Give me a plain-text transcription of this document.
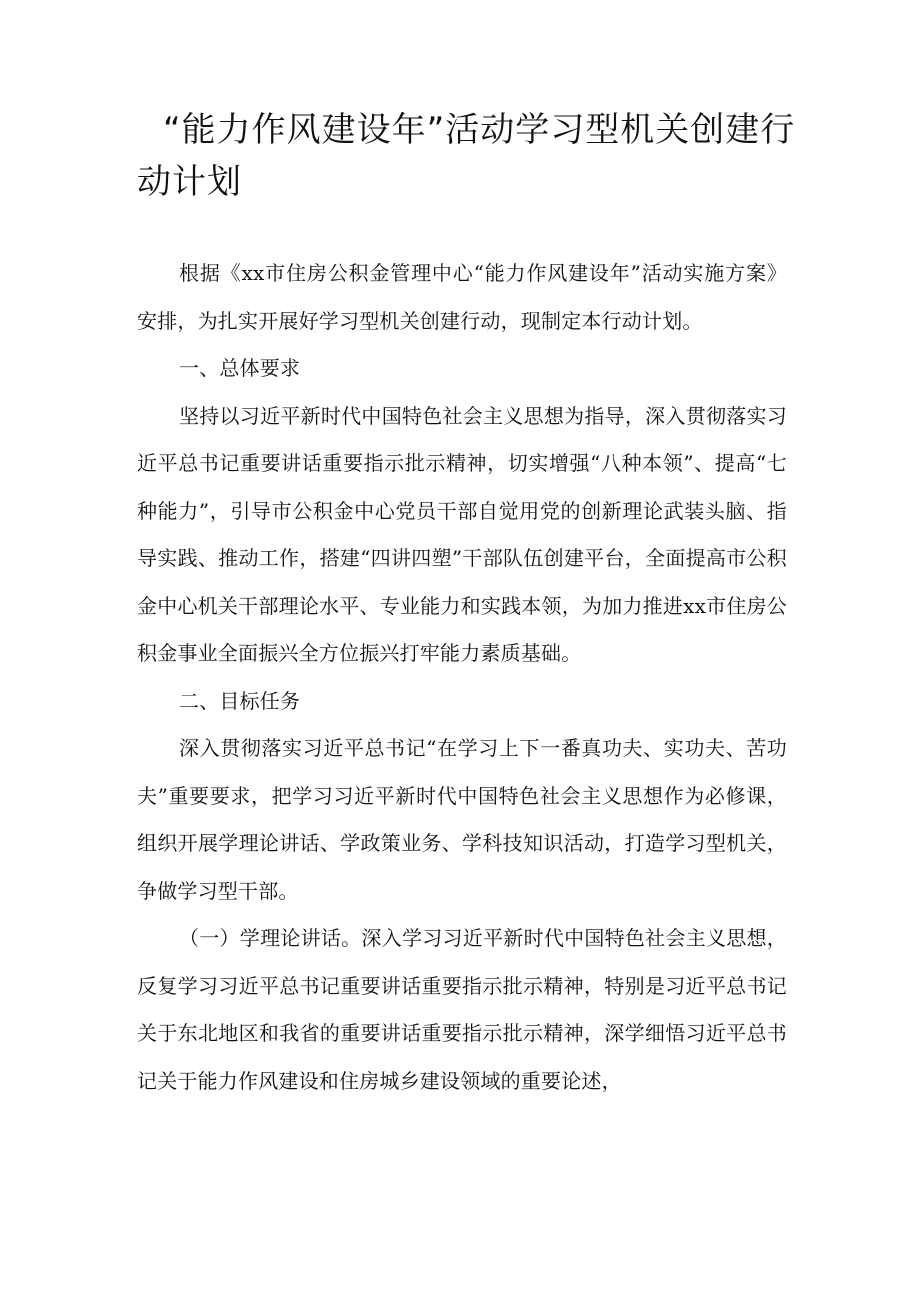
“能力作风建设年”活动学习型机关创建行动计划

根据《xx市住房公积金管理中心“能力作风建设年”活动实施方案》安排，为扎实开展好学习型机关创建行动，现制定本行动计划。

一、总体要求

坚持以习近平新时代中国特色社会主义思想为指导，深入贯彻落实习近平总书记重要讲话重要指示批示精神，切实增强“八种本领”、提高“七种能力”，引导市公积金中心党员干部自觉用党的创新理论武装头脑、指导实践、推动工作，搭建“四讲四塑”干部队伍创建平台，全面提高市公积金中心机关干部理论水平、专业能力和实践本领，为加力推进xx市住房公积金事业全面振兴全方位振兴打牢能力素质基础。

二、目标任务

深入贯彻落实习近平总书记“在学习上下一番真功夫、实功夫、苦功夫”重要要求，把学习习近平新时代中国特色社会主义思想作为必修课，组织开展学理论讲话、学政策业务、学科技知识活动，打造学习型机关，争做学习型干部。

（一）学理论讲话。深入学习习近平新时代中国特色社会主义思想，反复学习习近平总书记重要讲话重要指示批示精神，特别是习近平总书记关于东北地区和我省的重要讲话重要指示批示精神，深学细悟习近平总书记关于能力作风建设和住房城乡建设领域的重要论述，
